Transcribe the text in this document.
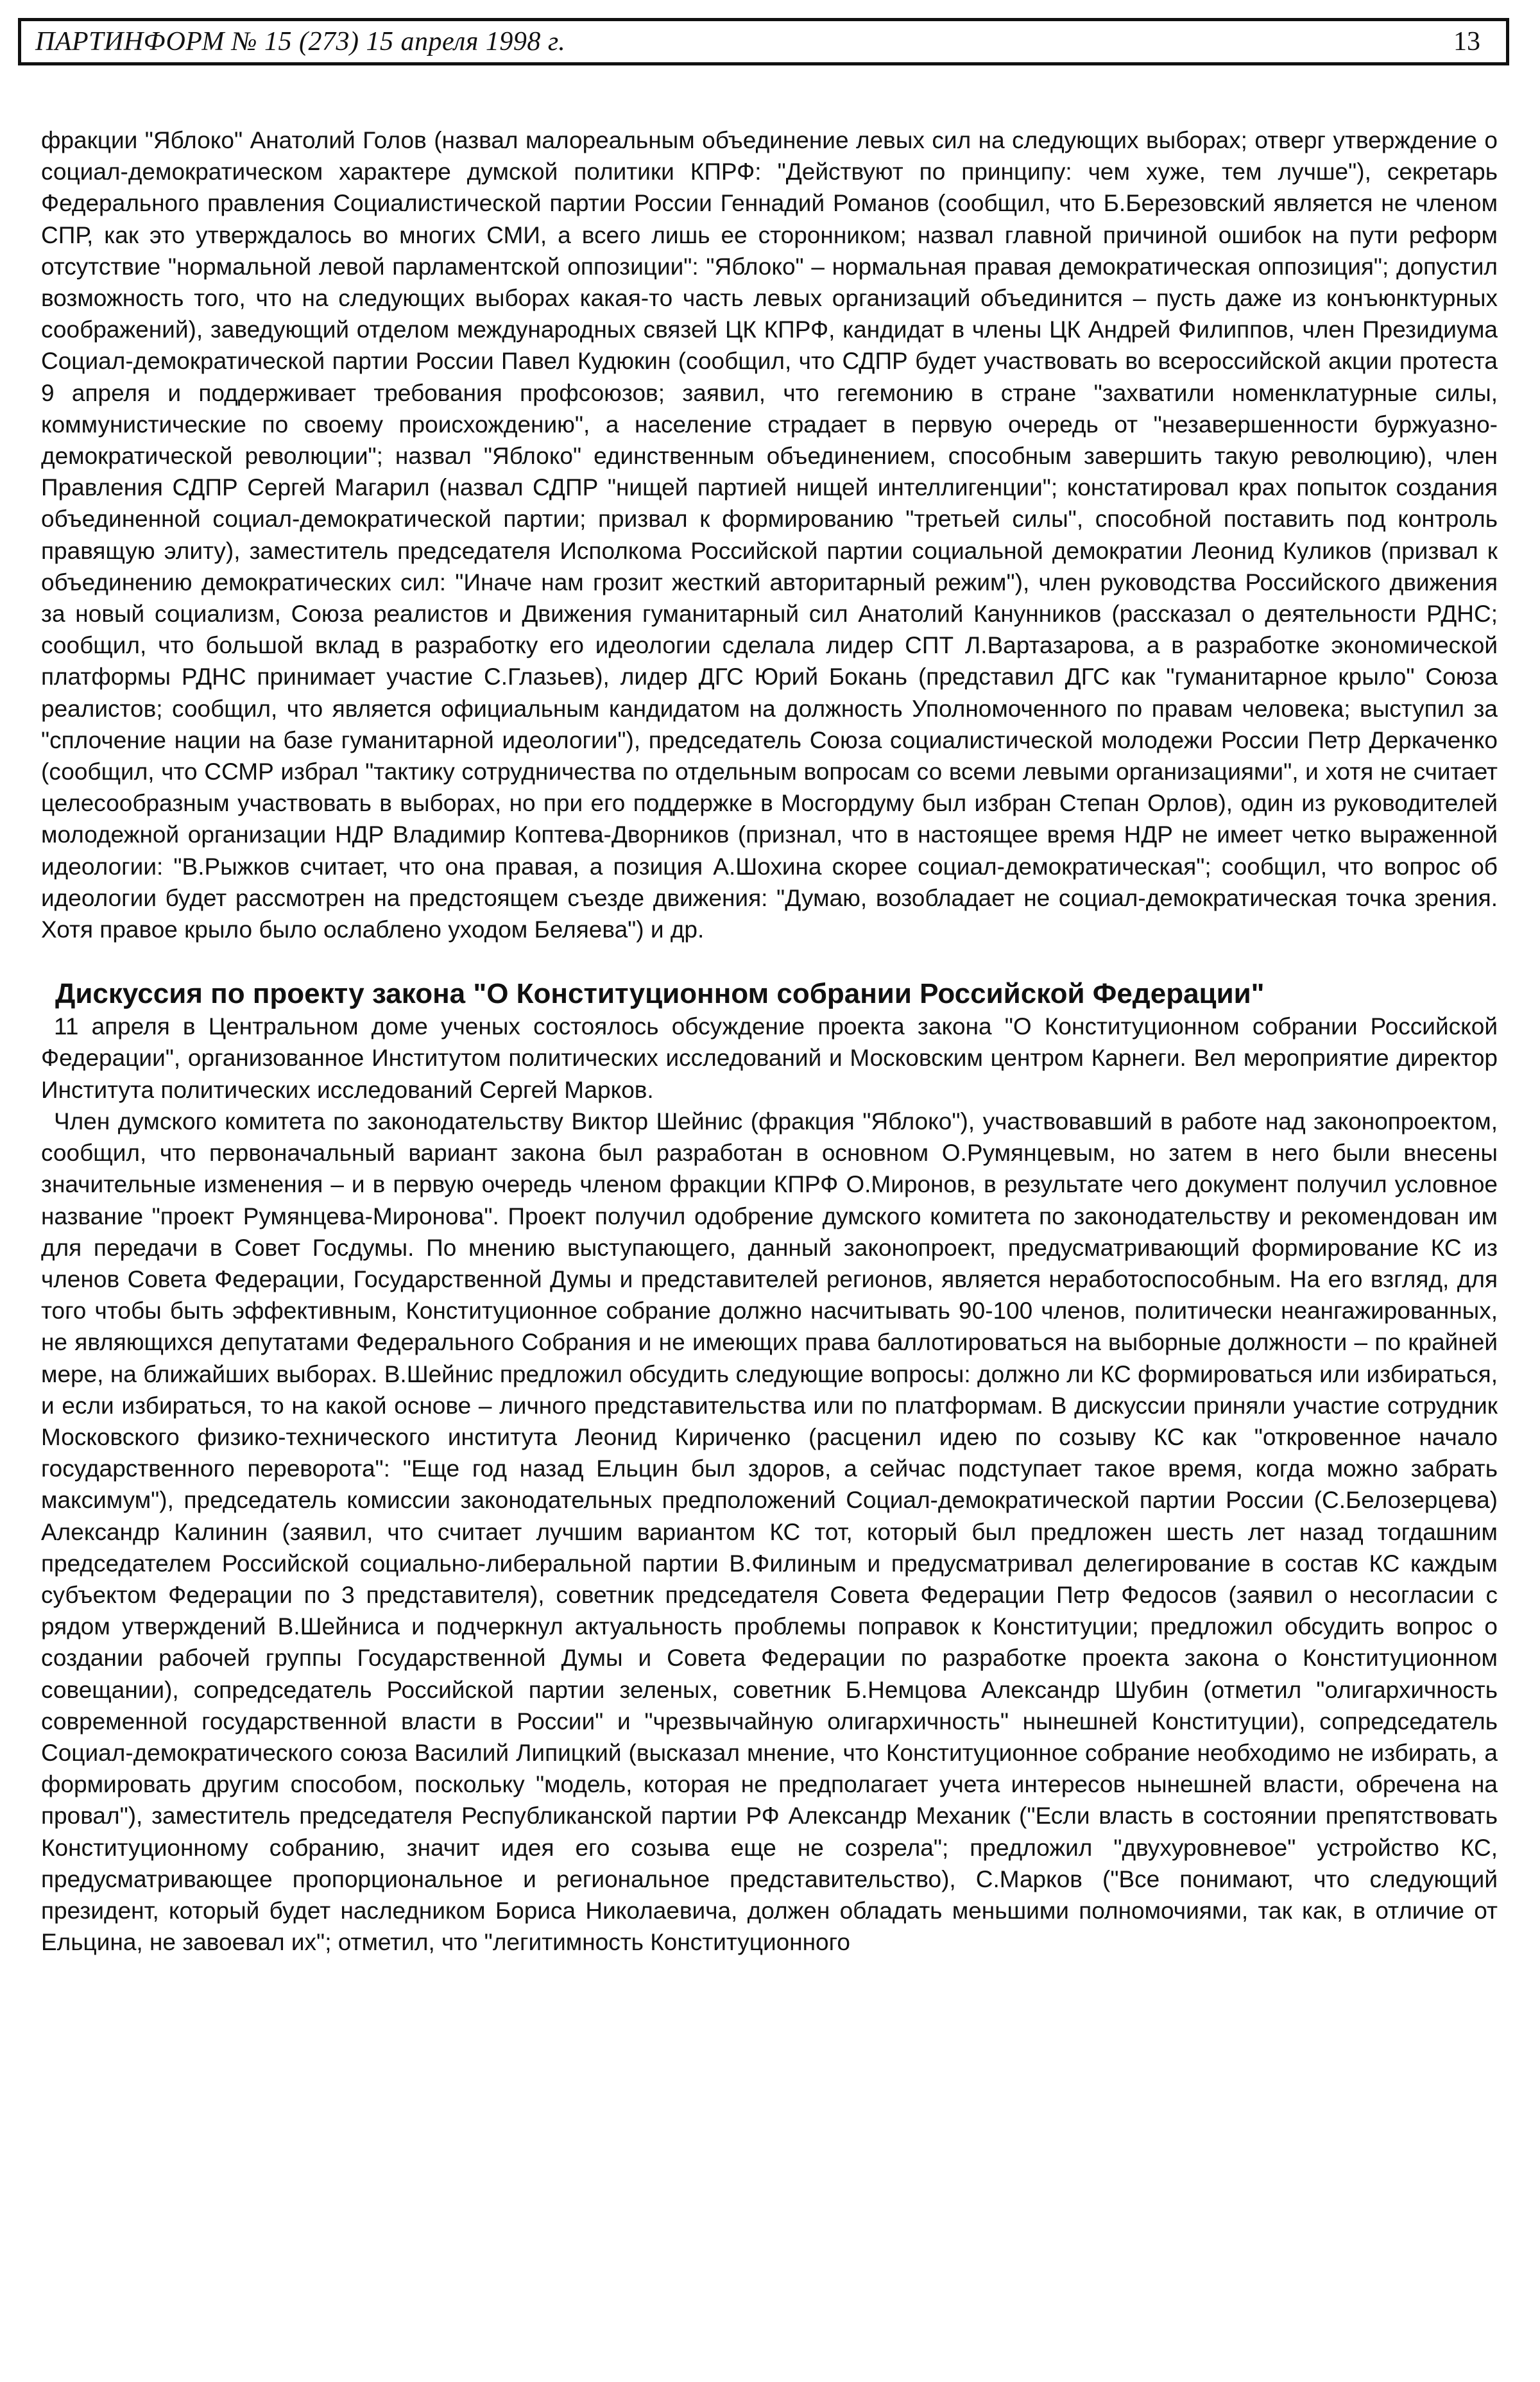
ПАРТИНФОРМ № 15 (273) 15 апреля 1998 г.	13

фракции "Яблоко" Анатолий Голов (назвал малореальным объединение левых сил на следующих выборах; отверг утверждение о социал-демократическом характере думской политики КПРФ: "Действуют по принципу: чем хуже, тем лучше"), секретарь Федерального правления Социалистической партии России Геннадий Романов (сообщил, что Б.Березовский является не членом СПР, как это утверждалось во многих СМИ, а всего лишь ее сторонником; назвал главной причиной ошибок на пути реформ отсутствие "нормальной левой парламентской оппозиции": "Яблоко" – нормальная правая демократическая оппозиция"; допустил возможность того, что на следующих выборах какая-то часть левых организаций объединится – пусть даже из конъюнктурных соображений), заведующий отделом международных связей ЦК КПРФ, кандидат в члены ЦК Андрей Филиппов, член Президиума Социал-демократической партии России Павел Кудюкин (сообщил, что СДПР будет участвовать во всероссийской акции протеста 9 апреля и поддерживает требования профсоюзов; заявил, что гегемонию в стране "захватили номенклатурные силы, коммунистические по своему происхождению", а население страдает в первую очередь от "незавершенности буржуазно-демократической революции"; назвал "Яблоко" единственным объединением, способным завершить такую революцию), член Правления СДПР Сергей Магарил (назвал СДПР "нищей партией нищей интеллигенции"; констатировал крах попыток создания объединенной социал-демократической партии; призвал к формированию "третьей силы", способной поставить под контроль правящую элиту), заместитель председателя Исполкома Российской партии социальной демократии Леонид Куликов (призвал к объединению демократических сил: "Иначе нам грозит жесткий авторитарный режим"), член руководства Российского движения за новый социализм, Союза реалистов и Движения гуманитарный сил Анатолий Канунников (рассказал о деятельности РДНС; сообщил, что большой вклад в разработку его идеологии сделала лидер СПТ Л.Вартазарова, а в разработке экономической платформы РДНС принимает участие С.Глазьев), лидер ДГС Юрий Бокань (представил ДГС как "гуманитарное крыло" Союза реалистов; сообщил, что является официальным кандидатом на должность Уполномоченного по правам человека; выступил за "сплочение нации на базе гуманитарной идеологии"), председатель Союза социалистической молодежи России Петр Деркаченко (сообщил, что ССМР избрал "тактику сотрудничества по отдельным вопросам со всеми левыми организациями", и хотя не считает целесообразным участвовать в выборах, но при его поддержке в Мосгордуму был избран Степан Орлов), один из руководителей молодежной организации НДР Владимир Коптева-Дворников (признал, что в настоящее время НДР не имеет четко выраженной идеологии: "В.Рыжков считает, что она правая, а позиция А.Шохина скорее социал-демократическая"; сообщил, что вопрос об идеологии будет рассмотрен на предстоящем съезде движения: "Думаю, возобладает не социал-демократическая точка зрения. Хотя правое крыло было ослаблено уходом Беляева") и др.

Дискуссия по проекту закона "О Конституционном собрании Российской Федерации"

11 апреля в Центральном доме ученых состоялось обсуждение проекта закона "О Конституционном собрании Российской Федерации", организованное Институтом политических исследований и Московским центром Карнеги. Вел мероприятие директор Института политических исследований Сергей Марков.

Член думского комитета по законодательству Виктор Шейнис (фракция "Яблоко"), участвовавший в работе над законопроектом, сообщил, что первоначальный вариант закона был разработан в основном О.Румянцевым, но затем в него были внесены значительные изменения – и в первую очередь членом фракции КПРФ О.Миронов, в результате чего документ получил условное название "проект Румянцева-Миронова". Проект получил одобрение думского комитета по законодательству и рекомендован им для передачи в Совет Госдумы. По мнению выступающего, данный законопроект, предусматривающий формирование КС из членов Совета Федерации, Государственной Думы и представителей регионов, является неработоспособным. На его взгляд, для того чтобы быть эффективным, Конституционное собрание должно насчитывать 90-100 членов, политически неангажированных, не являющихся депутатами Федерального Собрания и не имеющих права баллотироваться на выборные должности – по крайней мере, на ближайших выборах. В.Шейнис предложил обсудить следующие вопросы: должно ли КС формироваться или избираться, и если избираться, то на какой основе – личного представительства или по платформам. В дискуссии приняли участие сотрудник Московского физико-технического института Леонид Кириченко (расценил идею по созыву КС как "откровенное начало государственного переворота": "Еще год назад Ельцин был здоров, а сейчас подступает такое время, когда можно забрать максимум"), председатель комиссии законодательных предположений Социал-демократической партии России (С.Белозерцева) Александр Калинин (заявил, что считает лучшим вариантом КС тот, который был предложен шесть лет назад тогдашним председателем Российской социально-либеральной партии В.Филиным и предусматривал делегирование в состав КС каждым субъектом Федерации по 3 представителя), советник председателя Совета Федерации Петр Федосов (заявил о несогласии с рядом утверждений В.Шейниса и подчеркнул актуальность проблемы поправок к Конституции; предложил обсудить вопрос о создании рабочей группы Государственной Думы и Совета Федерации по разработке проекта закона о Конституционном совещании), сопредседатель Российской партии зеленых, советник Б.Немцова Александр Шубин (отметил "олигархичность современной государственной власти в России" и "чрезвычайную олигархичность" нынешней Конституции), сопредседатель Социал-демократического союза Василий Липицкий (высказал мнение, что Конституционное собрание необходимо не избирать, а формировать другим способом, поскольку "модель, которая не предполагает учета интересов нынешней власти, обречена на провал"), заместитель председателя Республиканской партии РФ Александр Механик ("Если власть в состоянии препятствовать Конституционному собранию, значит идея его созыва еще не созрела"; предложил "двухуровневое" устройство КС, предусматривающее пропорциональное и региональное представительство), С.Марков ("Все понимают, что следующий президент, который будет наследником Бориса Николаевича, должен обладать меньшими полномочиями, так как, в отличие от Ельцина, не завоевал их"; отметил, что "легитимность Конституционного
